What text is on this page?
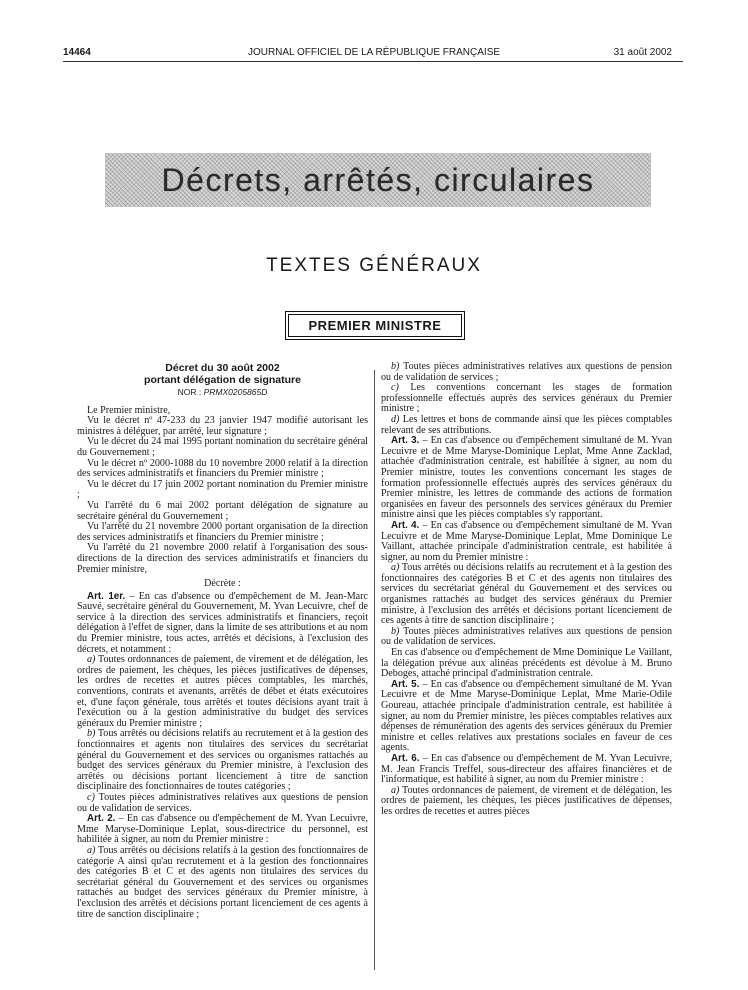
14464	JOURNAL OFFICIEL DE LA RÉPUBLIQUE FRANÇAISE	31 août 2002
Décrets, arrêtés, circulaires
TEXTES GÉNÉRAUX
PREMIER MINISTRE
Décret du 30 août 2002
portant délégation de signature
NOR : PRMX0205865D

Le Premier ministre,

Vu le décret nº 47-233 du 23 janvier 1947 modifié autorisant les ministres à déléguer, par arrêté, leur signature ;

Vu le décret du 24 mai 1995 portant nomination du secrétaire général du Gouvernement ;

Vu le décret nº 2000-1088 du 10 novembre 2000 relatif à la direction des services administratifs et financiers du Premier ministre ;

Vu le décret du 17 juin 2002 portant nomination du Premier ministre ;

Vu l'arrêté du 6 mai 2002 portant délégation de signature au secrétaire général du Gouvernement ;

Vu l'arrêté du 21 novembre 2000 portant organisation de la direction des services administratifs et financiers du Premier ministre ;

Vu l'arrêté du 21 novembre 2000 relatif à l'organisation des sous-directions de la direction des services administratifs et financiers du Premier ministre,

Décrète :

Art. 1er. – En cas d'absence ou d'empêchement de M. Jean-Marc Sauvé, secrétaire général du Gouvernement, M. Yvan Lecuivre, chef de service à la direction des services administratifs et financiers, reçoit délégation à l'effet de signer, dans la limite de ses attributions et au nom du Premier ministre, tous actes, arrêtés et décisions, à l'exclusion des décrets, et notamment :

a) Toutes ordonnances de paiement, de virement et de délégation, les ordres de paiement, les chèques, les pièces justificatives de dépenses, les ordres de recettes et autres pièces comptables, les marchés, conventions, contrats et avenants, arrêtés de débet et états exécutoires et, d'une façon générale, tous arrêtés et toutes décisions ayant trait à l'exécution ou à la gestion administrative du budget des services généraux du Premier ministre ;

b) Tous arrêtés ou décisions relatifs au recrutement et à la gestion des fonctionnaires et agents non titulaires des services du secrétariat général du Gouvernement et des services ou organismes rattachés au budget des services généraux du Premier ministre, à l'exclusion des arrêtés ou décisions portant licenciement à titre de sanction disciplinaire des fonctionnaires de toutes catégories ;

c) Toutes pièces administratives relatives aux questions de pension ou de validation de services.

Art. 2. – En cas d'absence ou d'empêchement de M. Yvan Lecuivre, Mme Maryse-Dominique Leplat, sous-directrice du personnel, est habilitée à signer, au nom du Premier ministre :

a) Tous arrêtés ou décisions relatifs à la gestion des fonctionnaires de catégorie A ainsi qu'au recrutement et à la gestion des fonctionnaires des catégories B et C et des agents non titulaires des services du secrétariat général du Gouvernement et des services ou organismes rattachés au budget des services généraux du Premier ministre, à l'exclusion des arrêtés et décisions portant licenciement de ces agents à titre de sanction disciplinaire ;

b) Toutes pièces administratives relatives aux questions de pension ou de validation de services ;

c) Les conventions concernant les stages de formation professionnelle effectués auprès des services généraux du Premier ministre ;

d) Les lettres et bons de commande ainsi que les pièces comptables relevant de ses attributions.

Art. 3. – En cas d'absence ou d'empêchement simultané de M. Yvan Lecuivre et de Mme Maryse-Dominique Leplat, Mme Anne Zacklad, attachée d'administration centrale, est habilitée à signer, au nom du Premier ministre, toutes les conventions concernant les stages de formation professionnelle effectués auprès des services généraux du Premier ministre, les lettres de commande des actions de formation organisées en faveur des personnels des services généraux du Premier ministre ainsi que les pièces comptables s'y rapportant.

Art. 4. – En cas d'absence ou d'empêchement simultané de M. Yvan Lecuivre et de Mme Maryse-Dominique Leplat, Mme Dominique Le Vaillant, attachée principale d'administration centrale, est habilitée à signer, au nom du Premier ministre :

a) Tous arrêtés ou décisions relatifs au recrutement et à la gestion des fonctionnaires des catégories B et C et des agents non titulaires des services du secrétariat général du Gouvernement et des services ou organismes rattachés au budget des services généraux du Premier ministre, à l'exclusion des arrêtés et décisions portant licenciement de ces agents à titre de sanction disciplinaire ;

b) Toutes pièces administratives relatives aux questions de pension ou de validation de services.

En cas d'absence ou d'empêchement de Mme Dominique Le Vaillant, la délégation prévue aux alinéas précédents est dévolue à M. Bruno Deboges, attaché principal d'administration centrale.

Art. 5. – En cas d'absence ou d'empêchement simultané de M. Yvan Lecuivre et de Mme Maryse-Dominique Leplat, Mme Marie-Odile Goureau, attachée principale d'administration centrale, est habilitée à signer, au nom du Premier ministre, les pièces comptables relatives aux dépenses de rémunération des agents des services généraux du Premier ministre et celles relatives aux prestations sociales en faveur de ces agents.

Art. 6. – En cas d'absence ou d'empêchement de M. Yvan Lecuivre, M. Jean Francis Treffel, sous-directeur des affaires financières et de l'informatique, est habilité à signer, au nom du Premier ministre :

a) Toutes ordonnances de paiement, de virement et de délégation, les ordres de paiement, les chèques, les pièces justificatives de dépenses, les ordres de recettes et autres pièces
